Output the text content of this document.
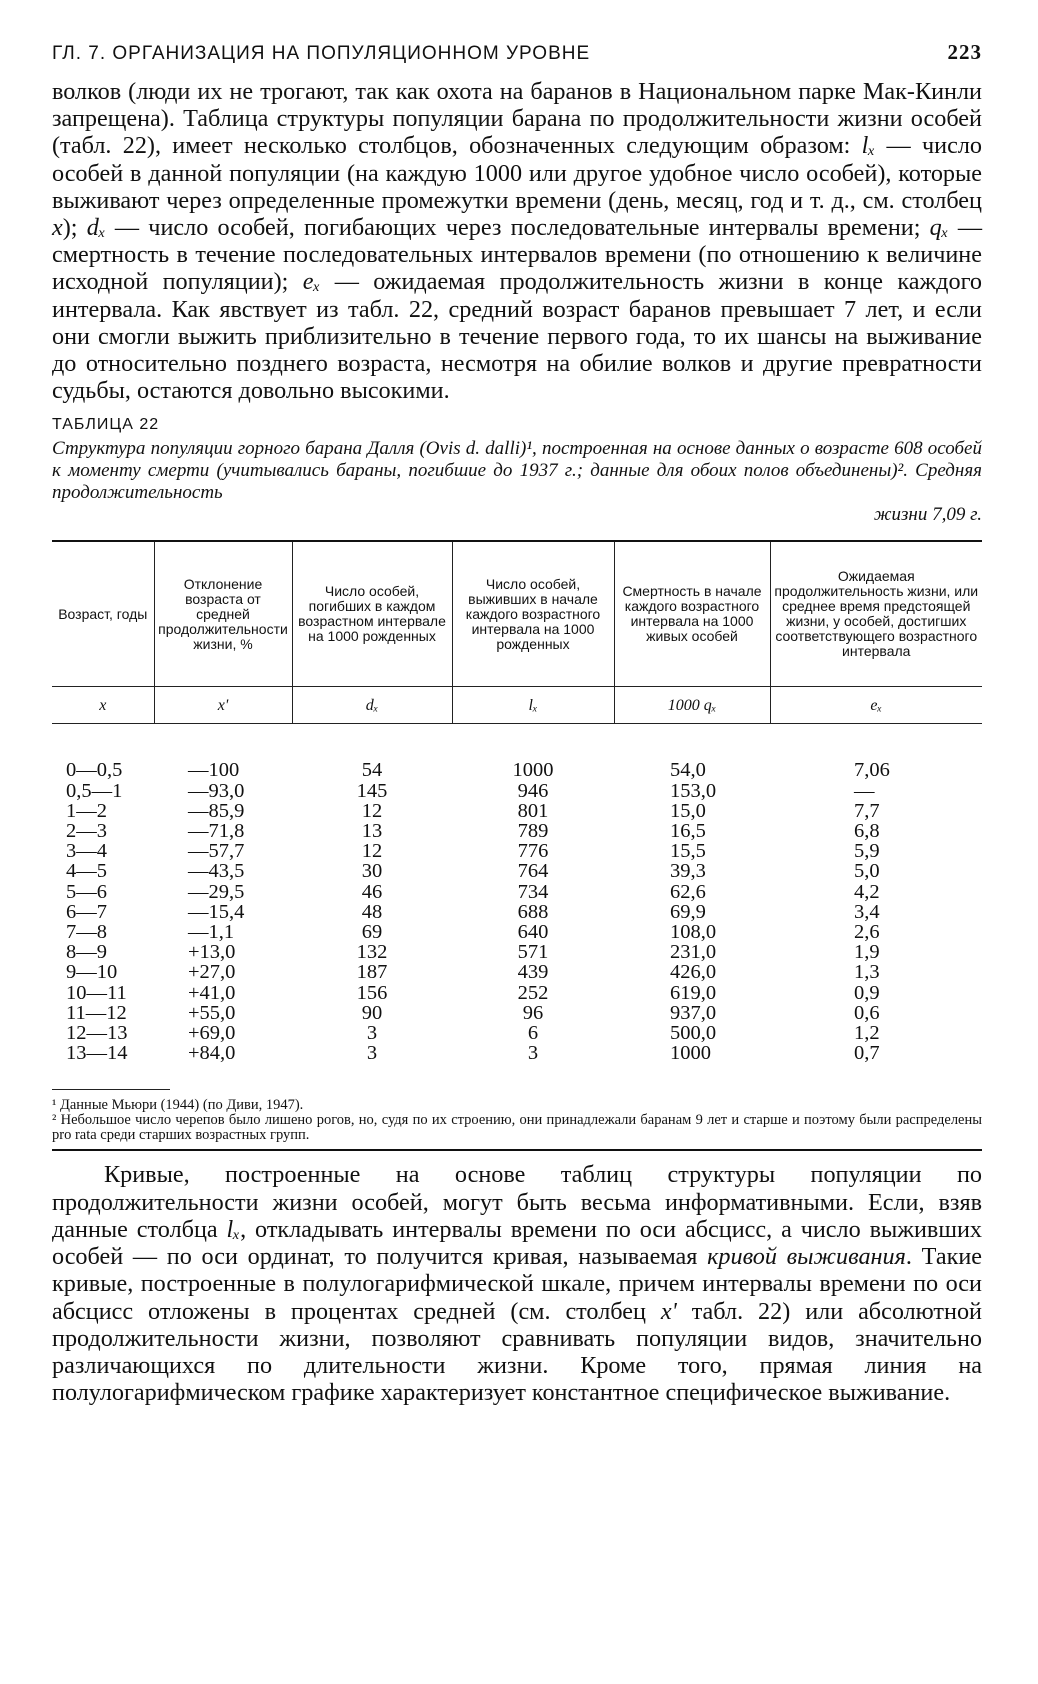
ГЛ. 7. ОРГАНИЗАЦИЯ НА ПОПУЛЯЦИОННОМ УРОВНЕ	223

волков (люди их не трогают, так как охота на баранов в Национальном парке Мак-Кинли запрещена). Таблица структуры популяции барана по продолжительности жизни особей (табл. 22), имеет несколько столбцов, обозначенных следующим образом: lₓ — число особей в данной популяции (на каждую 1000 или другое удобное число особей), которые выживают через определенные промежутки времени (день, месяц, год и т. д., см. столбец x); dₓ — число особей, погибающих через последовательные интервалы времени; qₓ — смертность в течение последовательных интервалов времени (по отношению к величине исходной популяции); eₓ — ожидаемая продолжительность жизни в конце каждого интервала. Как явствует из табл. 22, средний возраст баранов превышает 7 лет, и если они смогли выжить приблизительно в течение первого года, то их шансы на выживание до относительно позднего возраста, несмотря на обилие волков и другие превратности судьбы, остаются довольно высокими.

ТАБЛИЦА 22

Структура популяции горного барана Далля (Ovis d. dalli)¹, построенная на основе данных о возрасте 608 особей к моменту смерти (учитывались бараны, погибшие до 1937 г.; данные для обоих полов объединены)². Средняя продолжительность
жизни 7,09 г.

Возраст, годы	Отклонение возраста от средней продолжительности жизни, %	Число особей, погибших в каждом возрастном интервале на 1000 рожденных	Число особей, выживших в начале каждого возрастного интервала на 1000 рожденных	Смертность в начале каждого возрастного интервала на 1000 живых особей	Ожидаемая продолжительность жизни, или среднее время предстоящей жизни, у особей, достигших соответствующего возрастного интервала
x	x'	dₓ	lₓ	1000 qₓ	eₓ

0—0,5	—100	54	1000	54,0	7,06
0,5—1	—93,0	145	946	153,0	—
1—2	—85,9	12	801	15,0	7,7
2—3	—71,8	13	789	16,5	6,8
3—4	—57,7	12	776	15,5	5,9
4—5	—43,5	30	764	39,3	5,0
5—6	—29,5	46	734	62,6	4,2
6—7	—15,4	48	688	69,9	3,4
7—8	—1,1	69	640	108,0	2,6
8—9	+13,0	132	571	231,0	1,9
9—10	+27,0	187	439	426,0	1,3
10—11	+41,0	156	252	619,0	0,9
11—12	+55,0	90	96	937,0	0,6
12—13	+69,0	3	6	500,0	1,2
13—14	+84,0	3	3	1000	0,7

¹ Данные Мьюри (1944) (по Диви, 1947).

² Небольшое число черепов было лишено рогов, но, судя по их строению, они принадлежали баранам 9 лет и старше и поэтому были распределены pro rata среди старших возрастных групп.

Кривые, построенные на основе таблиц структуры популяции по продолжительности жизни особей, могут быть весьма информативными. Если, взяв данные столбца lₓ, откладывать интервалы времени по оси абсцисс, а число выживших особей — по оси ординат, то получится кривая, называемая кривой выживания. Такие кривые, построенные в полулогарифмической шкале, причем интервалы времени по оси абсцисс отложены в процентах средней (см. столбец x' табл. 22) или абсолютной продолжительности жизни, позволяют сравнивать популяции видов, значительно различающихся по длительности жизни. Кроме того, прямая линия на полулогарифмическом графике характеризует константное специфическое выживание.
